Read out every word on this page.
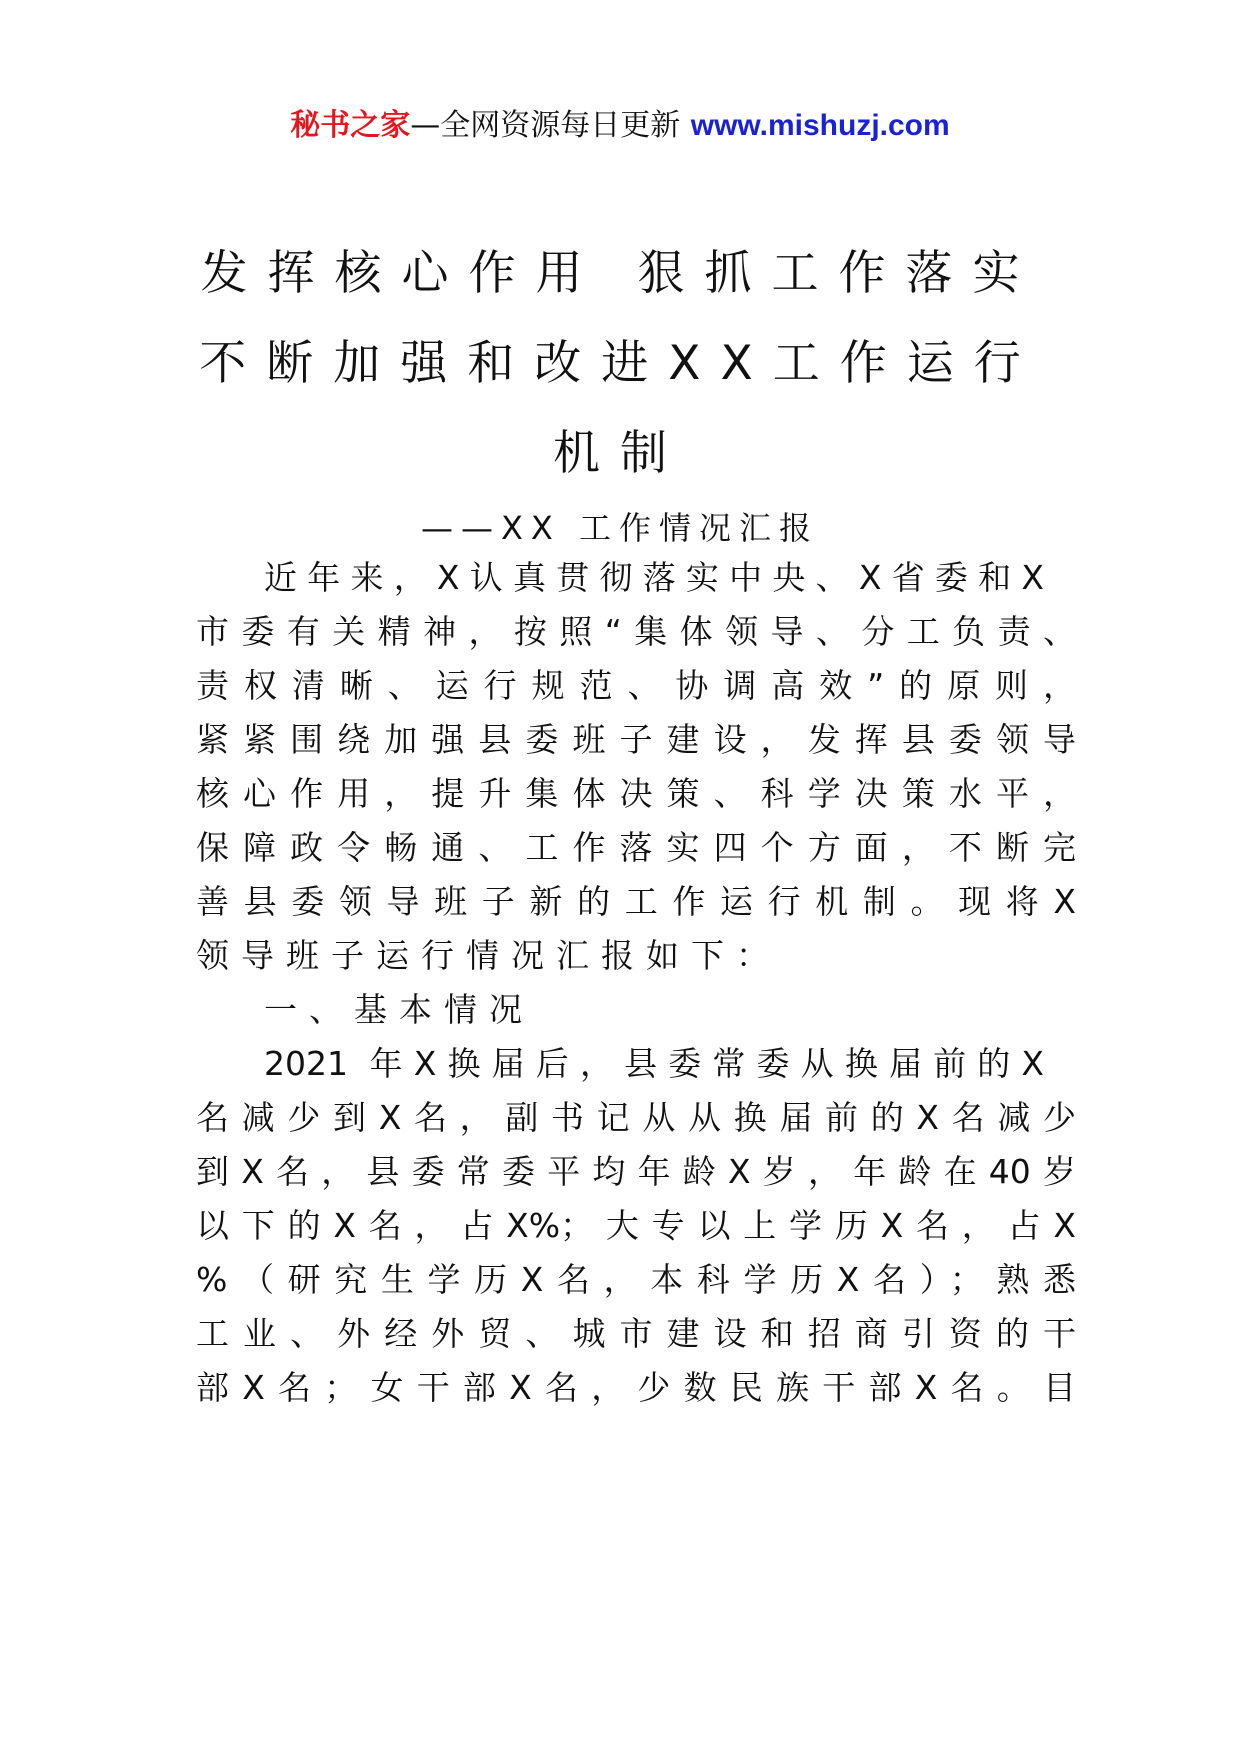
秘书之家—全网资源每日更新 www.mishuzj.com
发挥核心作用 狠抓工作落实
不断加强和改进XX工作运行
机制
——XX 工作情况汇报
近年来，X认真贯彻落实中央、X省委和X
市委有关精神，按照“集体领导、分工负责、
责权清晰、运行规范、协调高效”的原则，
紧紧围绕加强县委班子建设，发挥县委领导
核心作用，提升集体决策、科学决策水平，
保障政令畅通、工作落实四个方面，不断完
善县委领导班子新的工作运行机制。现将X
领导班子运行情况汇报如下：
一、基本情况
2021 年X换届后，县委常委从换届前的X
名减少到X名，副书记从从换届前的X名减少
到X名，县委常委平均年龄X岁，年龄在40岁
以下的X名，占X%；大专以上学历X名，占X
%（研究生学历X名，本科学历X名）；熟悉
工业、外经外贸、城市建设和招商引资的干
部X名；女干部X名，少数民族干部X名。目
